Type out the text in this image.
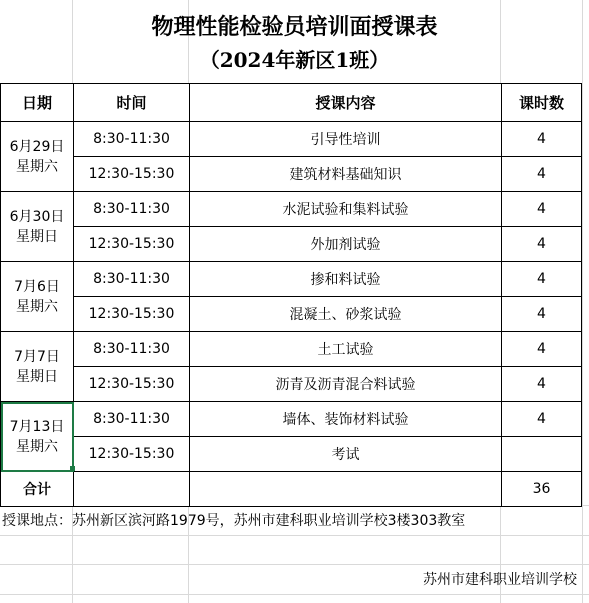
物理性能检验员培训面授课表
（2024年新区1班）
日期	时间	授课内容	课时数

6月29日
星期六	8:30-11:30	引导性培训	4
	12:30-15:30	建筑材料基础知识	4

6月30日
星期日	8:30-11:30	水泥试验和集料试验	4
	12:30-15:30	外加剂试验	4

7月6日
星期六	8:30-11:30	掺和料试验	4
	12:30-15:30	混凝土、砂浆试验	4

7月7日
星期日	8:30-11:30	土工试验	4
	12:30-15:30	沥青及沥青混合料试验	4

7月13日
星期六	8:30-11:30	墙体、装饰材料试验	4
	12:30-15:30	考试	
合计			36
授课地点：苏州新区滨河路1979号，苏州市建科职业培训学校3楼303教室
苏州市建科职业培训学校
